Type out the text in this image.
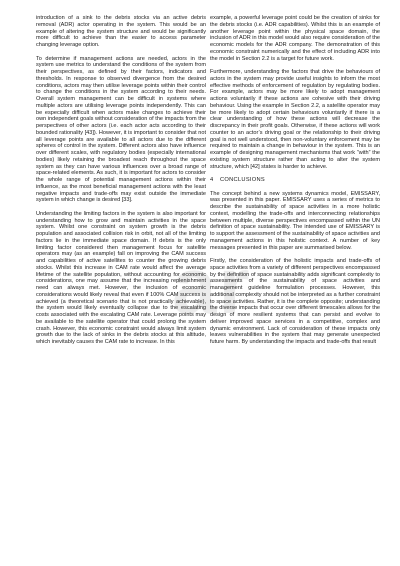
ar

introduction of a sink to the debris stocks via an active debris removal (ADR) actor operating in the system. This would be an example of altering the system structure and would be significantly more difficult to achieve than the easier to access parameter changing leverage option.

To determine if management actions are needed, actors in the system use metrics to understand the conditions of the system from their perspectives, as defined by their factors, indicators and thresholds. In response to observed divergence from the desired conditions, actors may then utilise leverage points within their control to change the conditions in the system according to their needs. Overall system management can be difficult in systems where multiple actors are utilising leverage points independently. This can be especially difficult when actors make changes to achieve their own independent goals without consideration of the impacts from the perspectives of other actors (i.e. each actor acts according to their bounded rationality [43]). However, it is important to consider that not all leverage points are available to all actors due to the different spheres of control in the system. Different actors also have influence over different scales, with regulatory bodies (especially international bodies) likely retaining the broadest reach throughout the space system as they can have various influences over a broad range of space-related elements. As such, it is important for actors to consider the whole range of potential management actions within their influence, as the most beneficial management actions with the least negative impacts and trade-offs may exist outside the immediate system in which change is desired [33].

Understanding the limiting factors in the system is also important for understanding how to grow and maintain activities in the space system. Whilst one constraint on system growth is the debris population and associated collision risk in orbit, not all of the limiting factors lie in the immediate space domain. If debris is the only limiting factor considered then management focus for satellite operators may (as an example) fall on improving the CAM success and capabilities of active satellites to counter the growing debris stocks. Whilst this increase in CAM rate would affect the average lifetime of the satellite population, without accounting for economic considerations, one may assume that the increasing replenishment need can always met. However, the inclusion of economic considerations would likely reveal that even if 100% CAM success is achieved (a theoretical scenario that is not practically achievable), the system would likely eventually collapse due to the escalating costs associated with the escalating CAM rate. Leverage points may be available to the satellite operator that could prolong the system crash. However, this economic constraint would always limit system growth due to the lack of sinks in the debris stocks at this altitude, which inevitably causes the CAM rate to increase. In this

example, a powerful leverage point could be the creation of sinks for the debris stocks (i.e. ADR capabilities). Whilst this is an example of another leverage point within the physical space domain, the inclusion of ADR in this model would also require consideration of the economic models for the ADR company. The demonstration of this economic constraint numerically and the effect of including ADR into the model in Section 2.2 is a target for future work.

Furthermore, understanding the factors that drive the behaviours of actors in the system may provide useful insights to inform the most effective methods of enforcement of regulation by regulating bodies. For example, actors may be more likely to adopt management actions voluntarily if these actions are cohesive with their driving behaviour. Using the example in Section 2.2, a satellite operator may be more likely to adopt certain behaviours voluntarily if there is a clear understanding of how these actions will decrease the discrepancy in their profit goals. Otherwise, if these actions will work counter to an actor’s driving goal or the relationship to their driving goal is not well understood, then non-voluntary enforcement may be required to maintain a change in behaviour in the system. This is an example of designing management mechanisms that work “with” the existing system structure rather than acting to alter the system structure, which [42] states is harder to achieve.

4 CONCLUSIONS

The concept behind a new systems dynamics model, EMISSARY, was presented in this paper. EMISSARY uses a series of metrics to describe the sustainability of space activities in a more holistic context, modelling the trade-offs and interconnecting relationships between multiple, diverse perspectives encompassed within the UN definition of space sustainability. The intended use of EMISSARY is to support the assessment of the sustainability of space activities and management actions in this holistic context. A number of key messages presented in this paper are summarised below.

Firstly, the consideration of the holistic impacts and trade-offs of space activities from a variety of different perspectives encompassed by the definition of space sustainability adds significant complexity to assessments of the sustainability of space activities and management guideline formulation processes. However, this additional complexity should not be interpreted as a further constraint to space activities. Rather, it is the complete opposite; understanding the diverse impacts that occur over different timescales allows for the design of more resilient systems that can persist and evolve to deliver improved space services in a competitive, complex and dynamic environment. Lack of consideration of these impacts only leaves vulnerabilities in the system that may generate unexpected future harm. By understanding the impacts and trade-offs that result
